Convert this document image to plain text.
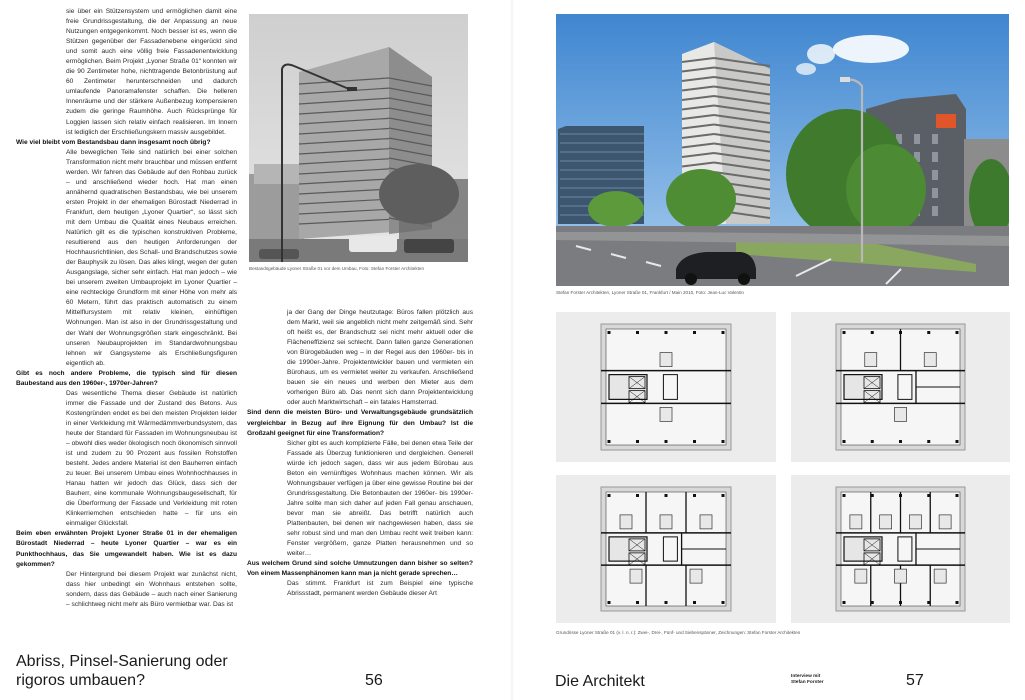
sie über ein Stützensystem und ermöglichen damit eine freie Grundrissgestaltung, die der Anpassung an neue Nutzungen entgegenkommt. Noch besser ist es, wenn die Stützen gegenüber der Fassadenebene eingerückt sind und somit auch eine völlig freie Fassadenentwicklung ermöglichen. Beim Projekt „Lyoner Straße 01“ konnten wir die 90 Zentimeter hohe, nichttragende Betonbrüstung auf 60 Zentimeter herunterschneiden und dadurch umlaufende Panoramafenster schaffen. Die helleren Innenräume und der stärkere Außenbezug kompensieren zudem die geringe Raumhöhe. Auch Rücksprünge für Loggien lassen sich relativ einfach realisieren. Im Innern ist lediglich der Erschließungskern massiv ausgebildet.

Wie viel bleibt vom Bestandsbau dann insgesamt noch übrig?

Alle beweglichen Teile sind natürlich bei einer solchen Transformation nicht mehr brauchbar und müssen entfernt werden. Wir fahren das Gebäude auf den Rohbau zurück – und anschließend wieder hoch. Hat man einen annähernd quadratischen Bestandsbau, wie bei unserem ersten Projekt in der ehemaligen Bürostadt Niederrad in Frankfurt, dem heutigen „Lyoner Quartier“, so lässt sich mit dem Umbau die Qualität eines Neubaus erreichen. Natürlich gilt es die typischen konstruktiven Probleme, resultierend aus den heutigen Anforderungen der Hochhausrichtlinien, des Schall- und Brandschutzes sowie der Bauphysik zu lösen. Das alles klingt, wegen der guten Ausgangslage, sicher sehr einfach. Hat man jedoch – wie bei unserem zweiten Umbauprojekt im Lyoner Quartier – eine rechteckige Grundform mit einer Höhe von mehr als 60 Metern, führt das praktisch automatisch zu einem Mittelflursystem mit relativ kleinen, einhüftigen Wohnungen. Man ist also in der Grundrissgestaltung und der Wahl der Wohnungsgrößen stark eingeschränkt. Bei unseren Neubauprojekten im Standardwohnungsbau lehnen wir Gangsysteme als Erschließungsfiguren eigentlich ab.

Gibt es noch andere Probleme, die typisch sind für diesen Baubestand aus den 1960er-, 1970er-Jahren?

Das wesentliche Thema dieser Gebäude ist natürlich immer die Fassade und der Zustand des Betons. Aus Kostengründen endet es bei den meisten Projekten leider in einer Verkleidung mit Wärmedämmverbundsystem, das heute der Standard für Fassaden im Wohnungsneubau ist – obwohl dies weder ökologisch noch ökonomisch sinnvoll ist und zudem zu 90 Prozent aus fossilen Rohstoffen besteht. Jedes andere Material ist den Bauherren einfach zu teuer. Bei unserem Umbau eines Wohnhochhauses in Hanau hatten wir jedoch das Glück, dass sich der Bauherr, eine kommunale Wohnungsbaugesellschaft, für die Überformung der Fassade und Verkleidung mit roten Klinkerriemchen entschieden hatte – für uns ein einmaliger Glücksfall.

Beim eben erwähnten Projekt Lyoner Straße 01 in der ehemaligen Bürostadt Niederrad – heute Lyoner Quartier – war es ein Punkthochhaus, das Sie umgewandelt haben. Wie ist es dazu gekommen?

Der Hintergrund bei diesem Projekt war zunächst nicht, dass hier unbedingt ein Wohnhaus entstehen sollte, sondern, dass das Gebäude – auch nach einer Sanierung – schlichtweg nicht mehr als Büro vermietbar war. Das ist

Bestandsgebäude Lyoner Straße 01 vor dem Umbau, Foto: Stefan Forster Architekten

ja der Gang der Dinge heutzutage: Büros fallen plötzlich aus dem Markt, weil sie angeblich nicht mehr zeitgemäß sind. Sehr oft heißt es, der Brandschutz sei nicht mehr aktuell oder die Flächeneffizienz sei schlecht. Dann fallen ganze Generationen von Bürogebäuden weg – in der Regel aus den 1960er- bis in die 1990er-Jahre. Projektentwickler bauen und vermieten ein Bürohaus, um es vermietet weiter zu verkaufen. Anschließend bauen sie ein neues und werben den Mieter aus dem vorherigen Büro ab. Das nennt sich dann Projektentwicklung oder auch Marktwirtschaft – ein fatales Hamsterrad.

Sind denn die meisten Büro- und Verwaltungsgebäude grundsätzlich vergleichbar in Bezug auf ihre Eignung für den Umbau? Ist die Großzahl geeignet für eine Transformation?

Sicher gibt es auch komplizierte Fälle, bei denen etwa Teile der Fassade als Überzug funktionieren und dergleichen. Generell würde ich jedoch sagen, dass wir aus jedem Bürobau aus Beton ein vernünftiges Wohnhaus machen können. Wir als Wohnungsbauer verfügen ja über eine gewisse Routine bei der Grundrissgestaltung. Die Betonbauten der 1960er- bis 1990er-Jahre sollte man sich daher auf jeden Fall genau anschauen, bevor man sie abreißt. Das betrifft natürlich auch Plattenbauten, bei denen wir nachgewiesen haben, dass sie sehr robust sind und man den Umbau recht weit treiben kann: Fenster vergrößern, ganze Platten herausnehmen und so weiter…

Aus welchem Grund sind solche Umnutzungen dann bisher so selten? Von einem Massenphänomen kann man ja nicht gerade sprechen…

Das stimmt. Frankfurt ist zum Beispiel eine typische Abrissstadt, permanent werden Gebäude dieser Art

Abriss, Pinsel-Sanierung oder
rigoros umbauen?	56
Stefan Forster Architekten, Lyoner Straße 01, Frankfurt / Main 2010, Foto: Jean-Luc Valentin
Grundrisse Lyoner Straße 01 (v. l. n. r.): Zwei-, Drei-, Fünf- und Siebenspänner, Zeichnungen: Stefan Forster Architekten
Die Architekt	Interview mit
Stefan Forster	57
